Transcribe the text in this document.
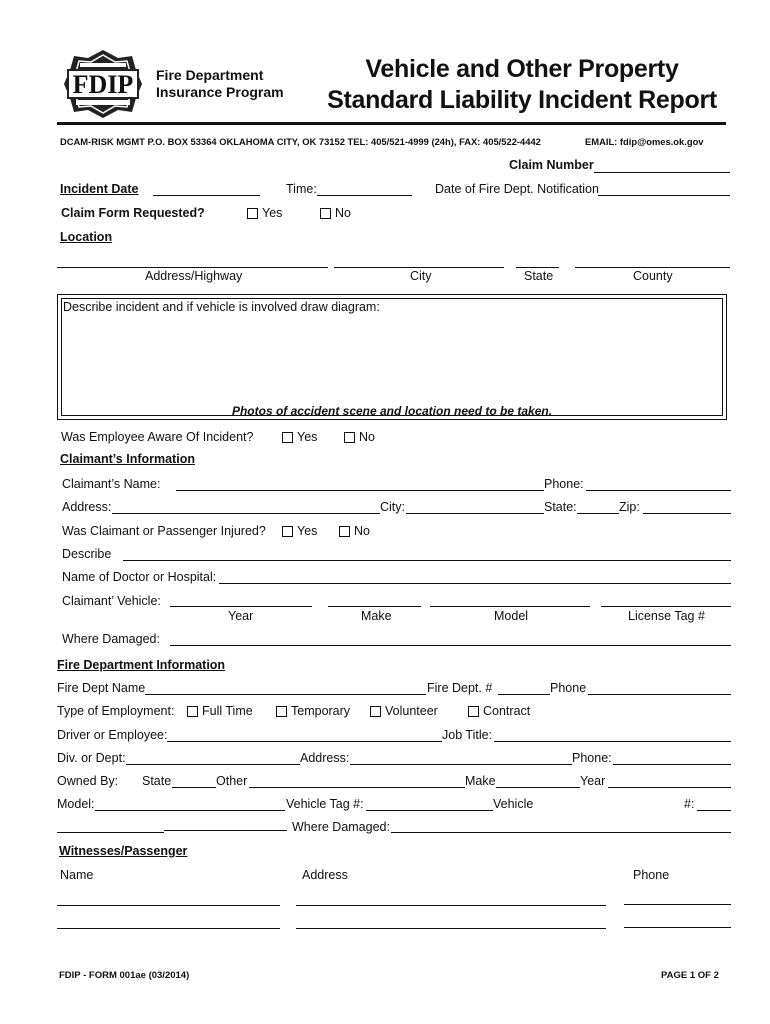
FDIP Fire Department
Insurance Program
Vehicle and Other Property
Standard Liability Incident Report
DCAM-RISK MGMT P.O. BOX 53364 OKLAHOMA CITY, OK 73152 TEL: 405/521-4999 (24h), FAX: 405/522-4442	EMAIL: fdip@omes.ok.gov
Claim Number
Incident Date	Time:	Date of Fire Dept. Notification
Claim Form Requested?	Yes	No
Location
Address/Highway	City	State	County
Describe incident and if vehicle is involved draw diagram:
Photos of accident scene and location need to be taken.
Was Employee Aware Of Incident?	Yes	No
Claimant’s Information
Claimant’s Name:	Phone:
Address:	City:	State:	Zip:
Was Claimant or Passenger Injured?	Yes	No
Describe
Name of Doctor or Hospital:
Claimant’ Vehicle:
Year	Make	Model	License Tag #
Where Damaged:
Fire Department Information
Fire Dept Name	Fire Dept. #	Phone
Type of Employment:	Full Time	Temporary	Volunteer	Contract
Driver or Employee:	Job Title:
Div. or Dept:	Address:	Phone:
Owned By: State	Other	Make	Year
Model:	Vehicle Tag #:	Vehicle	#:
Where Damaged:
Witnesses/Passenger
Name	Address	Phone
FDIP - FORM 001ae (03/2014)	PAGE 1 OF 2
